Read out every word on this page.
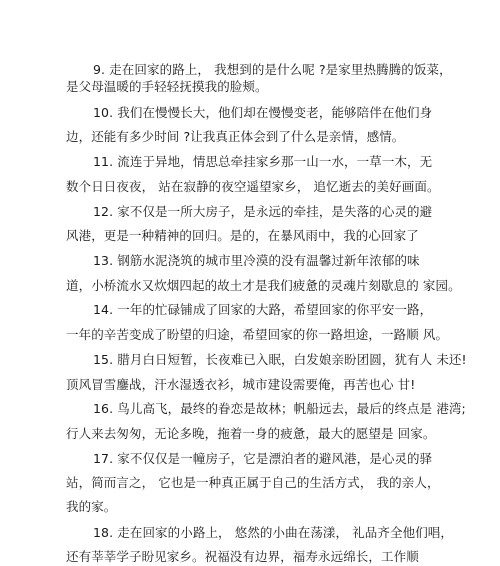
9. 走在回家的路上， 我想到的是什么呢 ?是家里热腾腾的饭菜，
是父母温暖的手轻轻抚摸我的脸颊。
10. 我们在慢慢长大，他们却在慢慢变老，能够陪伴在他们身
边，还能有多少时间 ?让我真正体会到了什么是亲情，感情。
11. 流连于异地，情思总牵挂家乡那一山一水，一草一木，无
数个日日夜夜， 站在寂静的夜空遥望家乡， 追忆逝去的美好画面。
12. 家不仅是一所大房子，是永远的牵挂，是失落的心灵的避
风港，更是一种精神的回归。是的，在暴风雨中，我的心回家了
13. 钢筋水泥浇筑的城市里冷漠的没有温馨过新年浓郁的味
道，小桥流水又炊烟四起的故土才是我们疲惫的灵魂片刻歇息的 家园。
14. 一年的忙碌铺成了回家的大路，希望回家的你平安一路，
一年的辛苦变成了盼望的归途，希望回家的你一路坦途，一路顺 风。
15. 腊月白日短暂，长夜难已入眠，白发娘亲盼团圆，犹有人 未还!
顶风冒雪鏖战，汗水湿透衣衫，城市建设需要俺，再苦也心 甘!
16. 鸟儿高飞，最终的眷恋是故林；帆船远去，最后的终点是 港湾;
行人来去匆匆，无论多晚，拖着一身的疲惫，最大的愿望是 回家。
17. 家不仅仅是一幢房子，它是漂泊者的避风港，是心灵的驿
站，简而言之， 它也是一种真正属于自己的生活方式， 我的亲人，
我的家。
18. 走在回家的小路上， 悠然的小曲在荡漾， 礼品齐全他们唱，
还有莘莘学子盼见家乡。祝福没有边界，福寿永远绵长，工作顺
